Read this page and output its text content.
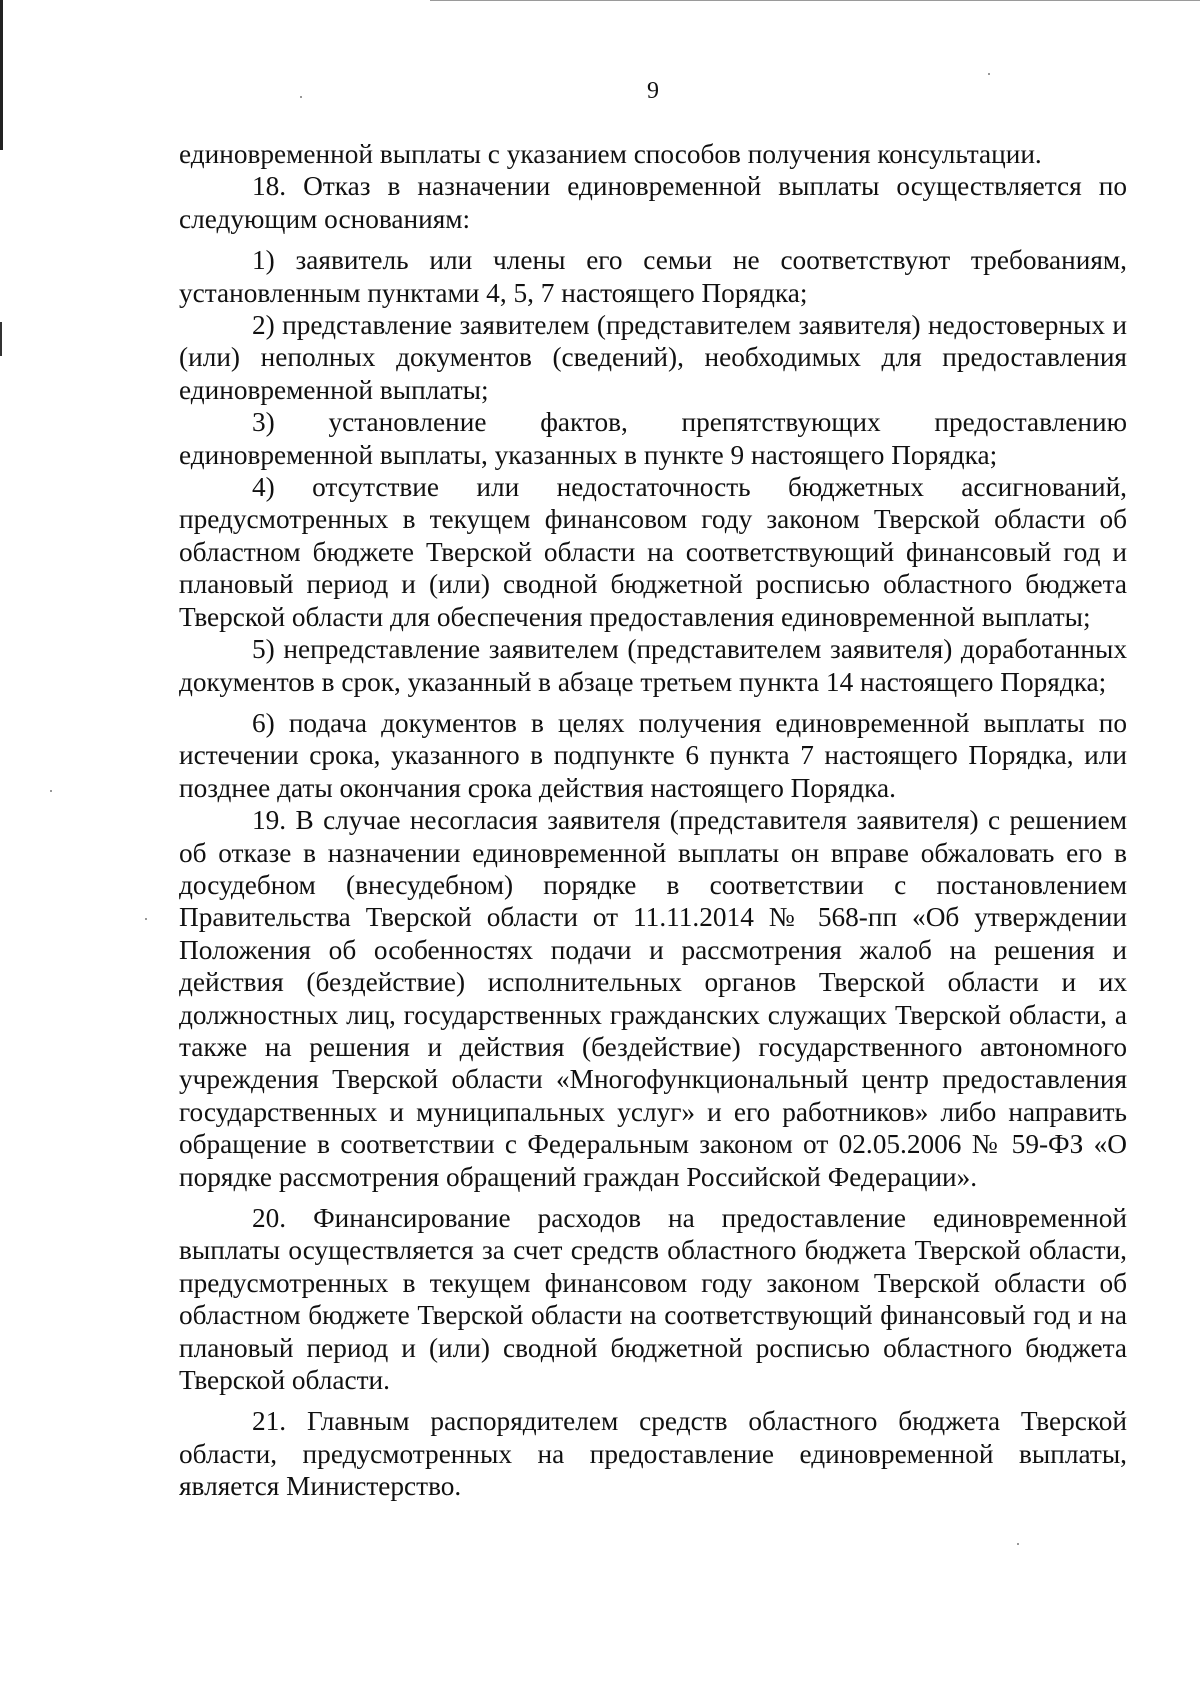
9

единовременной выплаты с указанием способов получения консультации.

18. Отказ в назначении единовременной выплаты осуществляется по следующим основаниям:

1) заявитель или члены его семьи не соответствуют требованиям, установленным пунктами 4, 5, 7 настоящего Порядка;

2) представление заявителем (представителем заявителя) недостоверных и (или) неполных документов (сведений), необходимых для предоставления единовременной выплаты;

3) установление фактов, препятствующих предоставлению единовременной выплаты, указанных в пункте 9 настоящего Порядка;

4) отсутствие или недостаточность бюджетных ассигнований, предусмотренных в текущем финансовом году законом Тверской области об областном бюджете Тверской области на соответствующий финансовый год и плановый период и (или) сводной бюджетной росписью областного бюджета Тверской области для обеспечения предоставления единовременной выплаты;

5) непредставление заявителем (представителем заявителя) доработанных документов в срок, указанный в абзаце третьем пункта 14 настоящего Порядка;

6) подача документов в целях получения единовременной выплаты по истечении срока, указанного в подпункте 6 пункта 7 настоящего Порядка, или позднее даты окончания срока действия настоящего Порядка.

19. В случае несогласия заявителя (представителя заявителя) с решением об отказе в назначении единовременной выплаты он вправе обжаловать его в досудебном (внесудебном) порядке в соответствии с постановлением Правительства Тверской области от 11.11.2014 № 568-пп «Об утверждении Положения об особенностях подачи и рассмотрения жалоб на решения и действия (бездействие) исполнительных органов Тверской области и их должностных лиц, государственных гражданских служащих Тверской области, а также на решения и действия (бездействие) государственного автономного учреждения Тверской области «Многофункциональный центр предоставления государственных и муниципальных услуг» и его работников» либо направить обращение в соответствии с Федеральным законом от 02.05.2006 № 59-ФЗ «О порядке рассмотрения обращений граждан Российской Федерации».

20. Финансирование расходов на предоставление единовременной выплаты осуществляется за счет средств областного бюджета Тверской области, предусмотренных в текущем финансовом году законом Тверской области об областном бюджете Тверской области на соответствующий финансовый год и на плановый период и (или) сводной бюджетной росписью областного бюджета Тверской области.

21. Главным распорядителем средств областного бюджета Тверской области, предусмотренных на предоставление единовременной выплаты, является Министерство.
